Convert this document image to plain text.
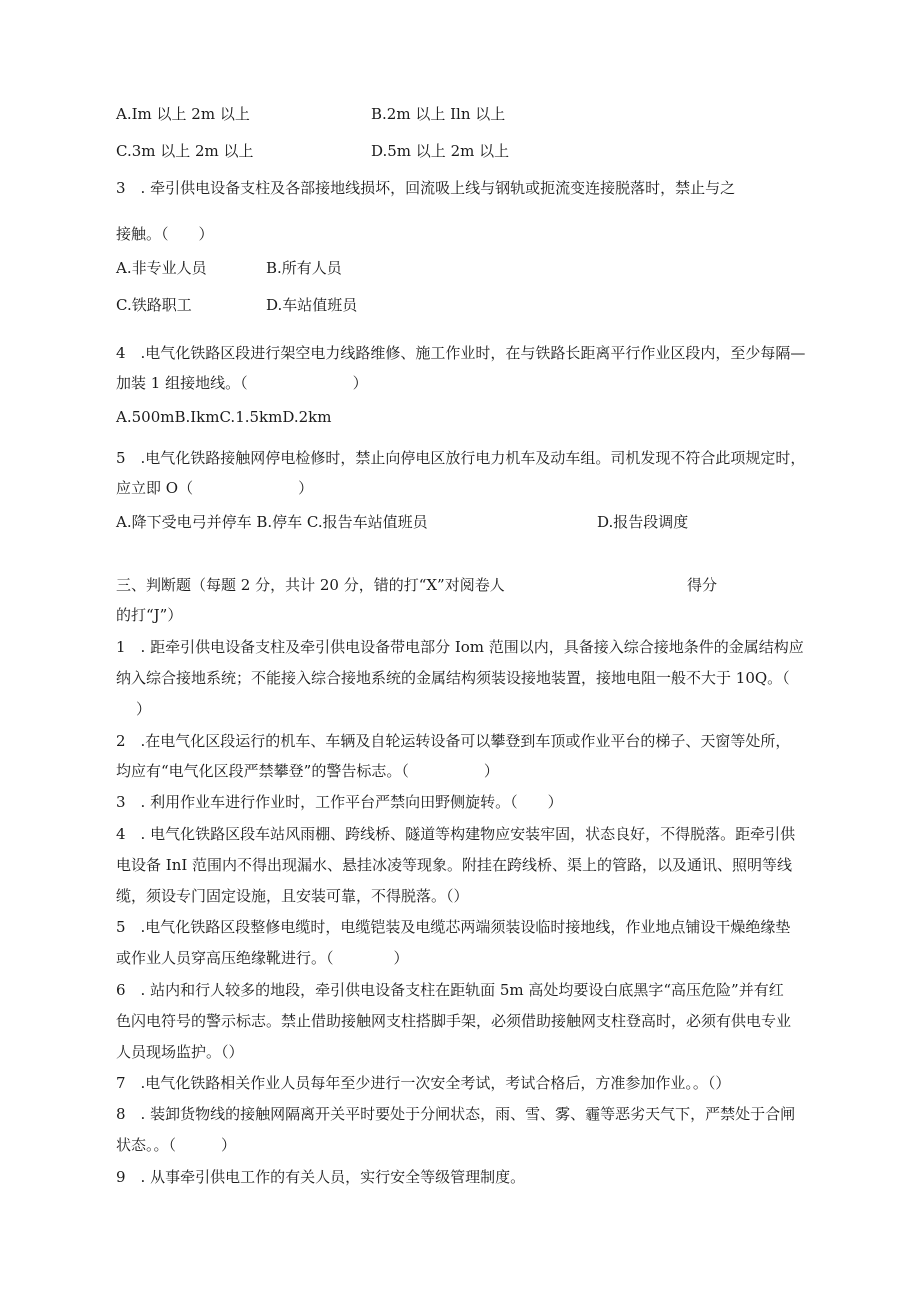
A.Im 以上 2m 以上	B.2m 以上 Iln 以上
C.3m 以上 2m 以上	D.5m 以上 2m 以上
3　. 牵引供电设备支柱及各部接地线损坏，回流吸上线与钢轨或扼流变连接脱落时，禁止与之
接触。（　　）
A.非专业人员	B.所有人员
C.铁路职工	D.车站值班员
4　.电气化铁路区段进行架空电力线路维修、施工作业时，在与铁路长距离平行作业区段内，至少每隔—
加装 1 组接地线。（　　　　　　　）
A.500mB.IkmC.1.5kmD.2km
5　.电气化铁路接触网停电检修时，禁止向停电区放行电力机车及动车组。司机发现不符合此项规定时，
应立即 O（　　　　　　　）
A.降下受电弓并停车 B.停车 C.报告车站值班员	D.报告段调度
三、判断题（每题 2 分，共计 20 分，错的打“X”对阅卷人	得分
的打“J”）
1　. 距牵引供电设备支柱及牵引供电设备带电部分 Iom 范围以内，具备接入综合接地条件的金属结构应
纳入综合接地系统；不能接入综合接地系统的金属结构须装设接地装置，接地电阻一般不大于 10Q。（
）
2　.在电气化区段运行的机车、车辆及自轮运转设备可以攀登到车顶或作业平台的梯子、天窗等处所，
均应有“电气化区段严禁攀登”的警告标志。（　　　　　）
3　. 利用作业车进行作业时，工作平台严禁向田野侧旋转。（　　）
4　. 电气化铁路区段车站风雨棚、跨线桥、隧道等构建物应安装牢固，状态良好，不得脱落。距牵引供
电设备 InI 范围内不得出现漏水、悬挂冰凌等现象。附挂在跨线桥、渠上的管路，以及通讯、照明等线
缆，须设专门固定设施，且安装可靠，不得脱落。（）
5　.电气化铁路区段整修电缆时，电缆铠装及电缆芯两端须装设临时接地线，作业地点铺设干燥绝缘垫
或作业人员穿高压绝缘靴进行。（　　　　）
6　. 站内和行人较多的地段，牵引供电设备支柱在距轨面 5m 高处均要设白底黑字“高压危险”并有红
色闪电符号的警示标志。禁止借助接触网支柱搭脚手架，必须借助接触网支柱登高时，必须有供电专业
人员现场监护。（）
7　.电气化铁路相关作业人员每年至少进行一次安全考试，考试合格后，方准参加作业。。（）
8　. 装卸货物线的接触网隔离开关平时要处于分闸状态，雨、雪、雾、霾等恶劣天气下，严禁处于合闸
状态。。（　　　）
9　. 从事牵引供电工作的有关人员，实行安全等级管理制度。
